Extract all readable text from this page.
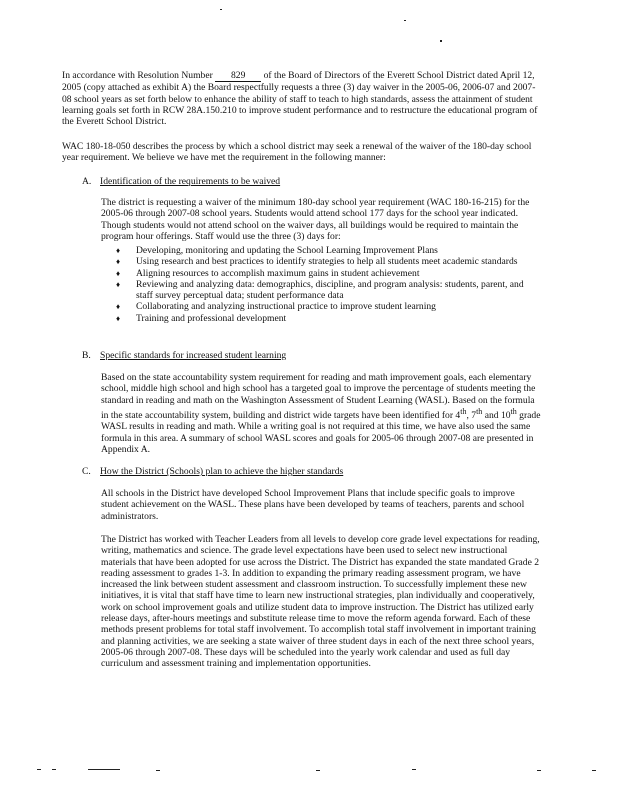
In accordance with Resolution Number 829 of the Board of Directors of the Everett School District dated April 12, 2005 (copy attached as exhibit A) the Board respectfully requests a three (3) day waiver in the 2005-06, 2006-07 and 2007-08 school years as set forth below to enhance the ability of staff to teach to high standards, assess the attainment of student learning goals set forth in RCW 28A.150.210 to improve student performance and to restructure the educational program of the Everett School District.

WAC 180-18-050 describes the process by which a school district may seek a renewal of the waiver of the 180-day school year requirement. We believe we have met the requirement in the following manner:

A. Identification of the requirements to be waived

The district is requesting a waiver of the minimum 180-day school year requirement (WAC 180-16-215) for the 2005-06 through 2007-08 school years. Students would attend school 177 days for the school year indicated. Though students would not attend school on the waiver days, all buildings would be required to maintain the program hour offerings. Staff would use the three (3) days for:

♦ Developing, monitoring and updating the School Learning Improvement Plans
♦ Using research and best practices to identify strategies to help all students meet academic standards
♦ Aligning resources to accomplish maximum gains in student achievement
♦ Reviewing and analyzing data: demographics, discipline, and program analysis: students, parent, and staff survey perceptual data; student performance data
♦ Collaborating and analyzing instructional practice to improve student learning
♦ Training and professional development
B. Specific standards for increased student learning

Based on the state accountability system requirement for reading and math improvement goals, each elementary school, middle high school and high school has a targeted goal to improve the percentage of students meeting the standard in reading and math on the Washington Assessment of Student Learning (WASL). Based on the formula in the state accountability system, building and district wide targets have been identified for 4th, 7th and 10th grade WASL results in reading and math. While a writing goal is not required at this time, we have also used the same formula in this area. A summary of school WASL scores and goals for 2005-06 through 2007-08 are presented in Appendix A.

C. How the District (Schools) plan to achieve the higher standards

All schools in the District have developed School Improvement Plans that include specific goals to improve student achievement on the WASL. These plans have been developed by teams of teachers, parents and school administrators.

The District has worked with Teacher Leaders from all levels to develop core grade level expectations for reading, writing, mathematics and science. The grade level expectations have been used to select new instructional materials that have been adopted for use across the District. The District has expanded the state mandated Grade 2 reading assessment to grades 1-3. In addition to expanding the primary reading assessment program, we have increased the link between student assessment and classroom instruction. To successfully implement these new initiatives, it is vital that staff have time to learn new instructional strategies, plan individually and cooperatively, work on school improvement goals and utilize student data to improve instruction. The District has utilized early release days, after-hours meetings and substitute release time to move the reform agenda forward. Each of these methods present problems for total staff involvement. To accomplish total staff involvement in important training and planning activities, we are seeking a state waiver of three student days in each of the next three school years, 2005-06 through 2007-08. These days will be scheduled into the yearly work calendar and used as full day curriculum and assessment training and implementation opportunities.
